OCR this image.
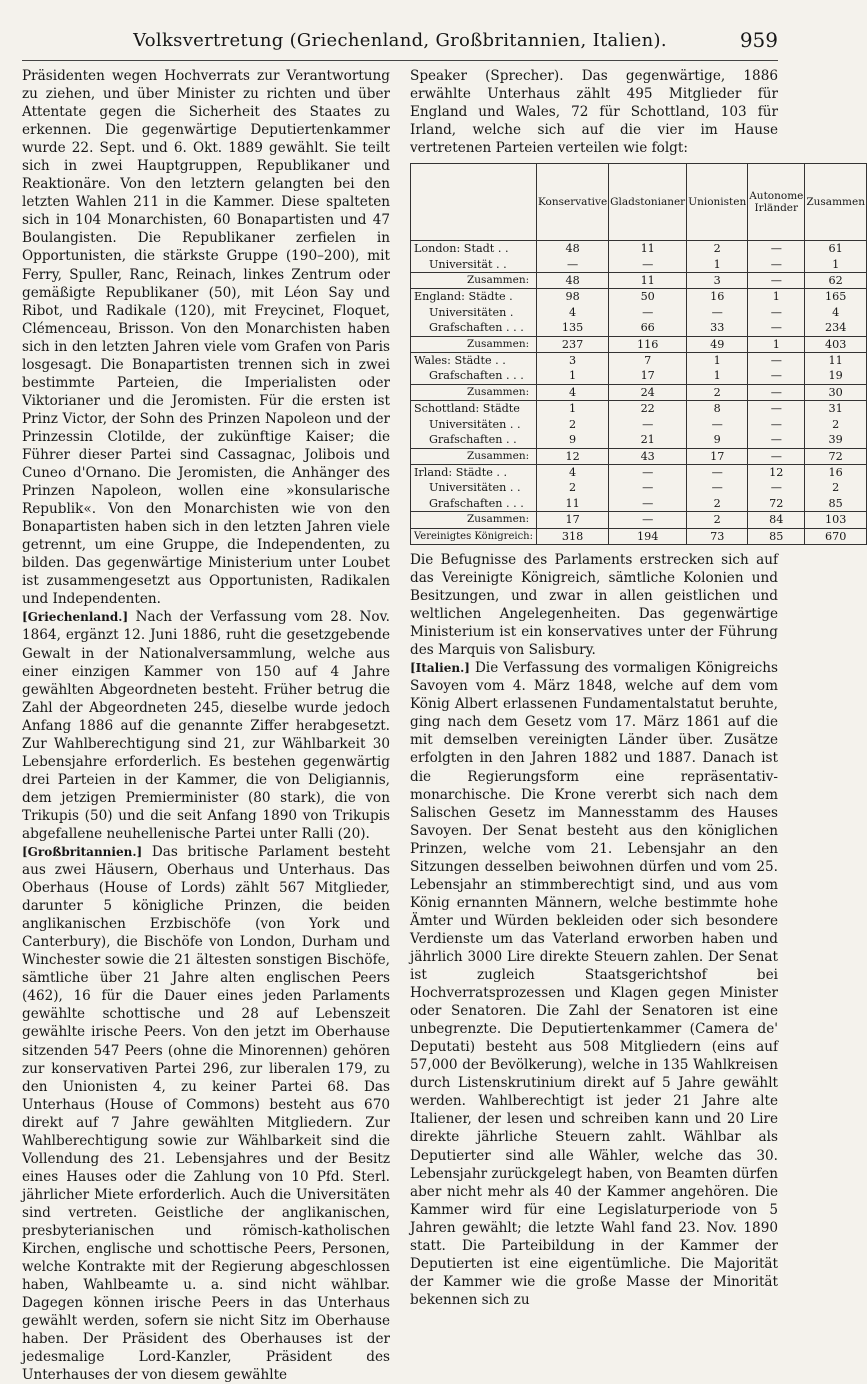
Volksvertretung (Griechenland, Großbritannien, Italien).	959

Präsidenten wegen Hochverrats zur Verantwortung zu ziehen, und über Minister zu richten und über Attentate gegen die Sicherheit des Staates zu erkennen. Die gegenwärtige Deputiertenkammer wurde 22. Sept. und 6. Okt. 1889 gewählt. Sie teilt sich in zwei Hauptgruppen, Republikaner und Reaktionäre. Von den letztern gelangten bei den letzten Wahlen 211 in die Kammer. Diese spalteten sich in 104 Monarchisten, 60 Bonapartisten und 47 Boulangisten. Die Republikaner zerfielen in Opportunisten, die stärkste Gruppe (190–200), mit Ferry, Spuller, Ranc, Reinach, linkes Zentrum oder gemäßigte Republikaner (50), mit Léon Say und Ribot, und Radikale (120), mit Freycinet, Floquet, Clémenceau, Brisson. Von den Monarchisten haben sich in den letzten Jahren viele vom Grafen von Paris losgesagt. Die Bonapartisten trennen sich in zwei bestimmte Parteien, die Imperialisten oder Viktorianer und die Jeromisten. Für die ersten ist Prinz Victor, der Sohn des Prinzen Napoleon und der Prinzessin Clotilde, der zukünftige Kaiser; die Führer dieser Partei sind Cassagnac, Jolibois und Cuneo d'Ornano. Die Jeromisten, die Anhänger des Prinzen Napoleon, wollen eine »konsularische Republik«. Von den Monarchisten wie von den Bonapartisten haben sich in den letzten Jahren viele getrennt, um eine Gruppe, die Independenten, zu bilden. Das gegenwärtige Ministerium unter Loubet ist zusammengesetzt aus Opportunisten, Radikalen und Independenten.

[Griechenland.] Nach der Verfassung vom 28. Nov. 1864, ergänzt 12. Juni 1886, ruht die gesetzgebende Gewalt in der Nationalversammlung, welche aus einer einzigen Kammer von 150 auf 4 Jahre gewählten Abgeordneten besteht. Früher betrug die Zahl der Abgeordneten 245, dieselbe wurde jedoch Anfang 1886 auf die genannte Ziffer herabgesetzt. Zur Wahlberechtigung sind 21, zur Wählbarkeit 30 Lebensjahre erforderlich. Es bestehen gegenwärtig drei Parteien in der Kammer, die von Deligiannis, dem jetzigen Premierminister (80 stark), die von Trikupis (50) und die seit Anfang 1890 von Trikupis abgefallene neuhellenische Partei unter Ralli (20).

[Großbritannien.] Das britische Parlament besteht aus zwei Häusern, Oberhaus und Unterhaus. Das Oberhaus (House of Lords) zählt 567 Mitglieder, darunter 5 königliche Prinzen, die beiden anglikanischen Erzbischöfe (von York und Canterbury), die Bischöfe von London, Durham und Winchester sowie die 21 ältesten sonstigen Bischöfe, sämtliche über 21 Jahre alten englischen Peers (462), 16 für die Dauer eines jeden Parlaments gewählte schottische und 28 auf Lebenszeit gewählte irische Peers. Von den jetzt im Oberhause sitzenden 547 Peers (ohne die Minorennen) gehören zur konservativen Partei 296, zur liberalen 179, zu den Unionisten 4, zu keiner Partei 68. Das Unterhaus (House of Commons) besteht aus 670 direkt auf 7 Jahre gewählten Mitgliedern. Zur Wahlberechtigung sowie zur Wählbarkeit sind die Vollendung des 21. Lebensjahres und der Besitz eines Hauses oder die Zahlung von 10 Pfd. Sterl. jährlicher Miete erforderlich. Auch die Universitäten sind vertreten. Geistliche der anglikanischen, presbyterianischen und römisch-katholischen Kirchen, englische und schottische Peers, Personen, welche Kontrakte mit der Regierung abgeschlossen haben, Wahlbeamte u. a. sind nicht wählbar. Dagegen können irische Peers in das Unterhaus gewählt werden, sofern sie nicht Sitz im Oberhause haben. Der Präsident des Oberhauses ist der jedesmalige Lord-Kanzler, Präsident des Unterhauses der von diesem gewählte

Speaker (Sprecher). Das gegenwärtige, 1886 erwählte Unterhaus zählt 495 Mitglieder für England und Wales, 72 für Schottland, 103 für Irland, welche sich auf die vier im Hause vertretenen Parteien verteilen wie folgt:

	Konservative	Gladstonianer	Unionisten	Autonome Irländer	Zusammen
London: Stadt . .	48	11	2	—	61
Universität . .	—	—	1	—	1
Zusammen:	48	11	3	—	62
England: Städte .	98	50	16	1	165
Universitäten .	4	—	—	—	4
Grafschaften . . .	135	66	33	—	234
Zusammen:	237	116	49	1	403
Wales: Städte . .	3	7	1	—	11
Grafschaften . . .	1	17	1	—	19
Zusammen:	4	24	2	—	30
Schottland: Städte	1	22	8	—	31
Universitäten . .	2	—	—	—	2
Grafschaften . .	9	21	9	—	39
Zusammen:	12	43	17	—	72
Irland: Städte . .	4	—	—	12	16
Universitäten . .	2	—	—	—	2
Grafschaften . . .	11	—	2	72	85
Zusammen:	17	—	2	84	103
Vereinigtes Königreich:	318	194	73	85	670

Die Befugnisse des Parlaments erstrecken sich auf das Vereinigte Königreich, sämtliche Kolonien und Besitzungen, und zwar in allen geistlichen und weltlichen Angelegenheiten. Das gegenwärtige Ministerium ist ein konservatives unter der Führung des Marquis von Salisbury.

[Italien.] Die Verfassung des vormaligen Königreichs Savoyen vom 4. März 1848, welche auf dem vom König Albert erlassenen Fundamentalstatut beruhte, ging nach dem Gesetz vom 17. März 1861 auf die mit demselben vereinigten Länder über. Zusätze erfolgten in den Jahren 1882 und 1887. Danach ist die Regierungsform eine repräsentativ-monarchische. Die Krone vererbt sich nach dem Salischen Gesetz im Mannesstamm des Hauses Savoyen. Der Senat besteht aus den königlichen Prinzen, welche vom 21. Lebensjahr an den Sitzungen desselben beiwohnen dürfen und vom 25. Lebensjahr an stimmberechtigt sind, und aus vom König ernannten Männern, welche bestimmte hohe Ämter und Würden bekleiden oder sich besondere Verdienste um das Vaterland erworben haben und jährlich 3000 Lire direkte Steuern zahlen. Der Senat ist zugleich Staatsgerichtshof bei Hochverratsprozessen und Klagen gegen Minister oder Senatoren. Die Zahl der Senatoren ist eine unbegrenzte. Die Deputiertenkammer (Camera de' Deputati) besteht aus 508 Mitgliedern (eins auf 57,000 der Bevölkerung), welche in 135 Wahlkreisen durch Listenskrutinium direkt auf 5 Jahre gewählt werden. Wahlberechtigt ist jeder 21 Jahre alte Italiener, der lesen und schreiben kann und 20 Lire direkte jährliche Steuern zahlt. Wählbar als Deputierter sind alle Wähler, welche das 30. Lebensjahr zurückgelegt haben, von Beamten dürfen aber nicht mehr als 40 der Kammer angehören. Die Kammer wird für eine Legislaturperiode von 5 Jahren gewählt; die letzte Wahl fand 23. Nov. 1890 statt. Die Parteibildung in der Kammer der Deputierten ist eine eigentümliche. Die Majorität der Kammer wie die große Masse der Minorität bekennen sich zu
